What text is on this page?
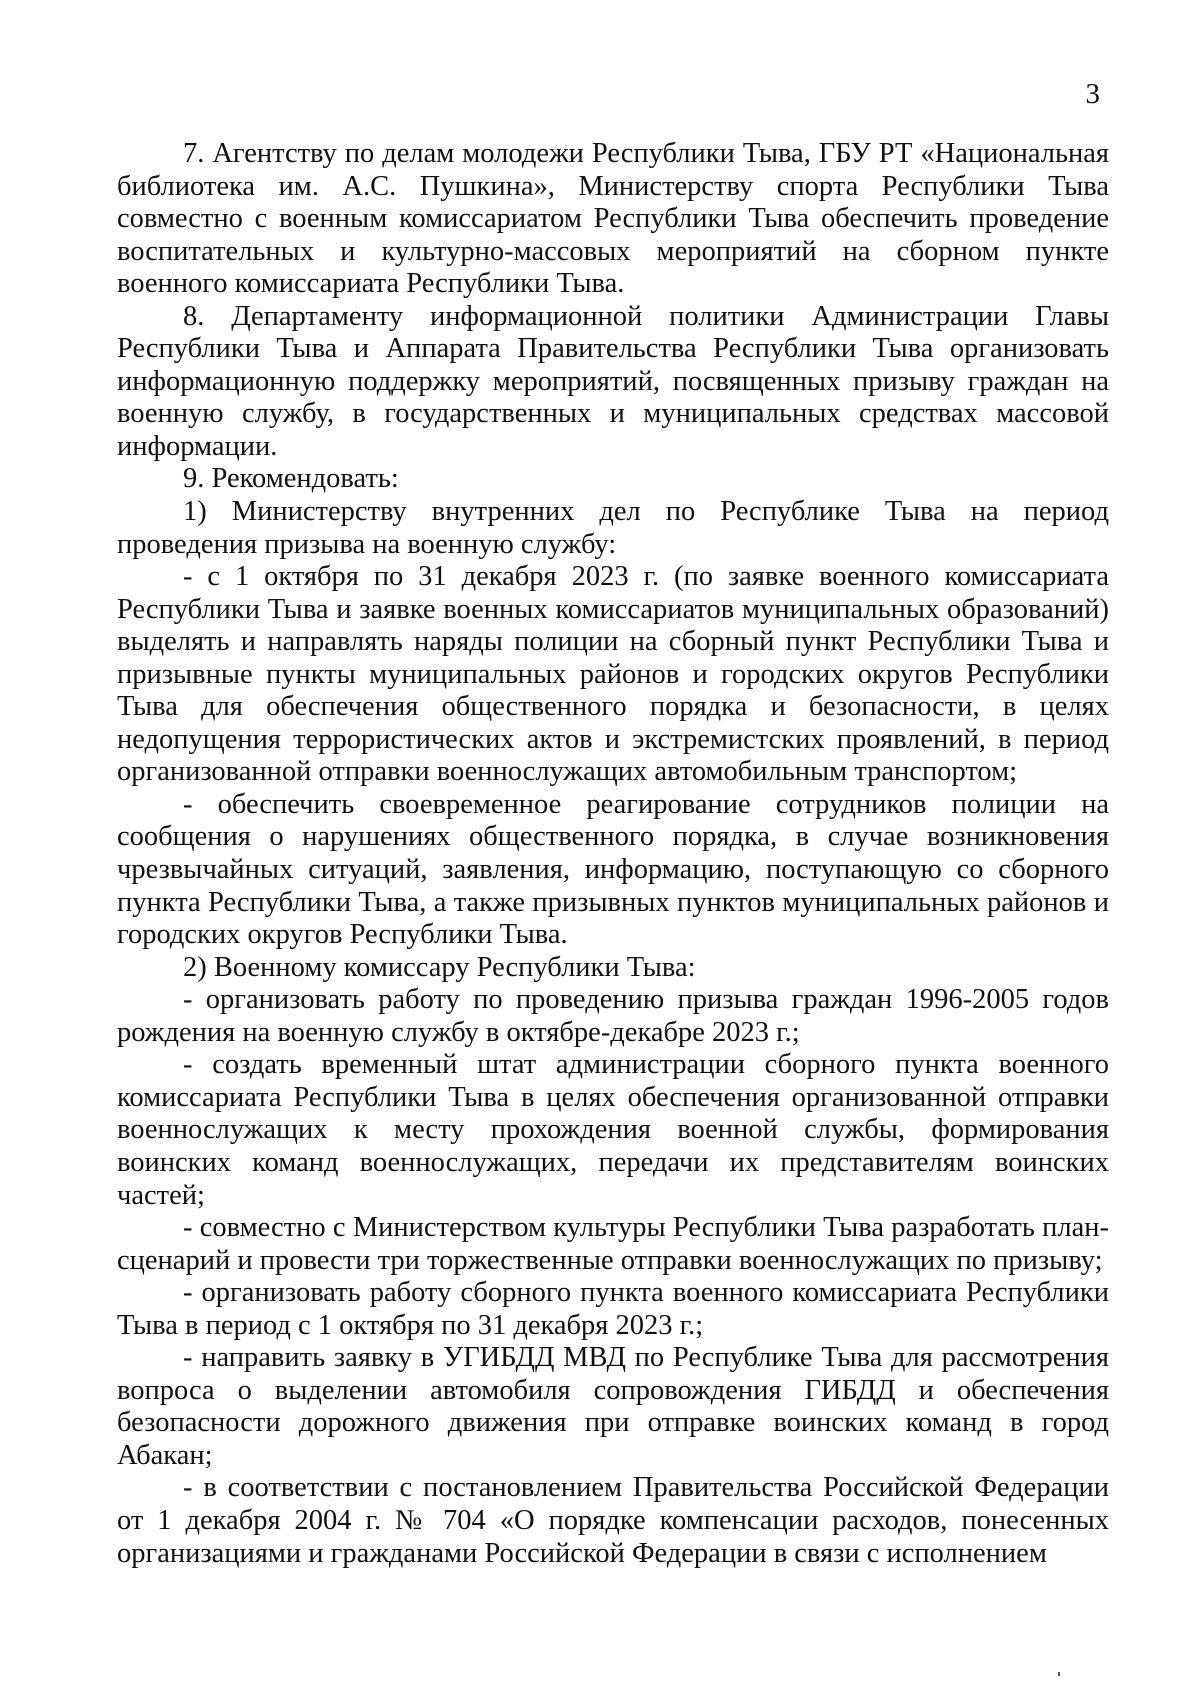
3

7. Агентству по делам молодежи Республики Тыва, ГБУ РТ «Национальная библиотека им. А.С. Пушкина», Министерству спорта Республики Тыва совместно с военным комиссариатом Республики Тыва обеспечить проведение воспитательных и культурно-массовых мероприятий на сборном пункте военного комиссариата Республики Тыва.

8. Департаменту информационной политики Администрации Главы Республики Тыва и Аппарата Правительства Республики Тыва организовать информационную поддержку мероприятий, посвященных призыву граждан на военную службу, в государственных и муниципальных средствах массовой информации.

9. Рекомендовать:

1) Министерству внутренних дел по Республике Тыва на период проведения призыва на военную службу:

- с 1 октября по 31 декабря 2023 г. (по заявке военного комиссариата Республики Тыва и заявке военных комиссариатов муниципальных образований) выделять и направлять наряды полиции на сборный пункт Республики Тыва и призывные пункты муниципальных районов и городских округов Республики Тыва для обеспечения общественного порядка и безопасности, в целях недопущения террористических актов и экстремистских проявлений, в период организованной отправки военнослужащих автомобильным транспортом;

- обеспечить своевременное реагирование сотрудников полиции на сообщения о нарушениях общественного порядка, в случае возникновения чрезвычайных ситуаций, заявления, информацию, поступающую со сборного пункта Республики Тыва, а также призывных пунктов муниципальных районов и городских округов Республики Тыва.

2) Военному комиссару Республики Тыва:

- организовать работу по проведению призыва граждан 1996-2005 годов рождения на военную службу в октябре-декабре 2023 г.;

- создать временный штат администрации сборного пункта военного комиссариата Республики Тыва в целях обеспечения организованной отправки военнослужащих к месту прохождения военной службы, формирования воинских команд военнослужащих, передачи их представителям воинских частей;

- совместно с Министерством культуры Республики Тыва разработать план-сценарий и провести три торжественные отправки военнослужащих по призыву;

- организовать работу сборного пункта военного комиссариата Республики Тыва в период с 1 октября по 31 декабря 2023 г.;

- направить заявку в УГИБДД МВД по Республике Тыва для рассмотрения вопроса о выделении автомобиля сопровождения ГИБДД и обеспечения безопасности дорожного движения при отправке воинских команд в город Абакан;

- в соответствии с постановлением Правительства Российской Федерации от 1 декабря 2004 г. № 704 «О порядке компенсации расходов, понесенных организациями и гражданами Российской Федерации в связи с исполнением
